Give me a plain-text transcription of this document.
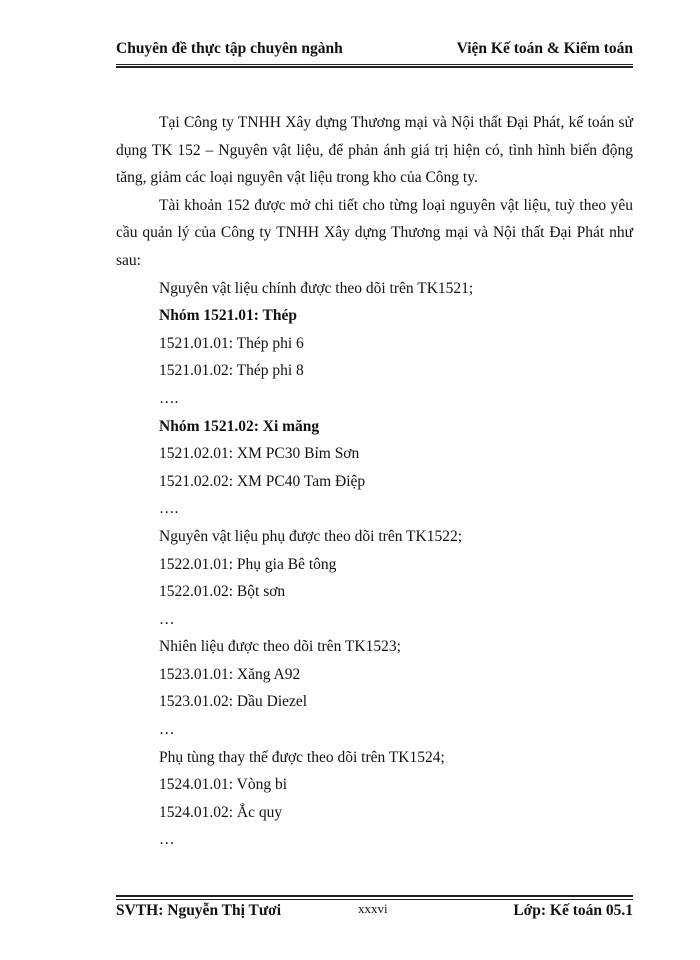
Chuyên đề thực tập chuyên ngành	Viện Kế toán & Kiểm toán

Tại Công ty TNHH Xây dựng Thương mại và Nội thất Đại Phát, kế toán sử dụng TK 152 – Nguyên vật liệu, để phản ánh giá trị hiện có, tình hình biến động tăng, giảm các loại nguyên vật liệu trong kho của Công ty.

Tài khoản 152 được mở chi tiết cho từng loại nguyên vật liệu, tuỳ theo yêu cầu quản lý của Công ty TNHH Xây dựng Thương mại và Nội thất Đại Phát như sau:

Nguyên vật liệu chính được theo dõi trên TK1521;

Nhóm 1521.01: Thép

1521.01.01: Thép phi 6

1521.01.02: Thép phi 8

….

Nhóm 1521.02: Xi măng

1521.02.01: XM PC30 Bỉm Sơn

1521.02.02: XM PC40 Tam Điệp

….

Nguyên vật liệu phụ được theo dõi trên TK1522;

1522.01.01: Phụ gia Bê tông

1522.01.02: Bột sơn

…

Nhiên liệu được theo dõi trên TK1523;

1523.01.01: Xăng A92

1523.01.02: Dầu Diezel

…

Phụ tùng thay thế được theo dõi trên TK1524;

1524.01.01: Vòng bi

1524.01.02: Ắc quy

…

SVTH: Nguyễn Thị Tươi	xxxvi	Lớp: Kế toán 05.1
